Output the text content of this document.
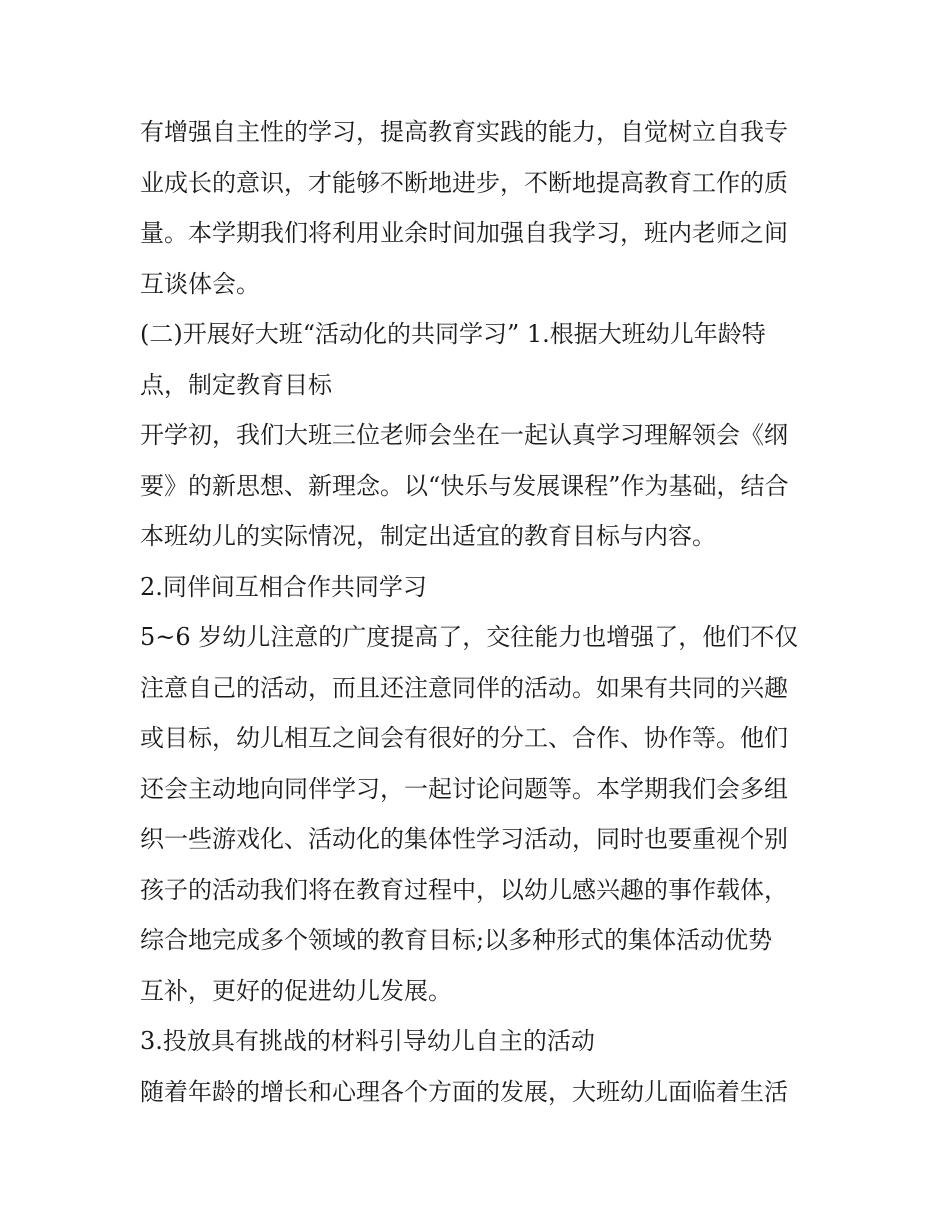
有增强自主性的学习，提高教育实践的能力，自觉树立自我专
业成长的意识，才能够不断地进步，不断地提高教育工作的质
量。本学期我们将利用业余时间加强自我学习，班内老师之间
互谈体会。
(二)开展好大班“活动化的共同学习” 1.根据大班幼儿年龄特
点，制定教育目标
开学初，我们大班三位老师会坐在一起认真学习理解领会《纲
要》的新思想、新理念。以“快乐与发展课程”作为基础，结合
本班幼儿的实际情况，制定出适宜的教育目标与内容。
2.同伴间互相合作共同学习
5~6 岁幼儿注意的广度提高了，交往能力也增强了，他们不仅
注意自己的活动，而且还注意同伴的活动。如果有共同的兴趣
或目标，幼儿相互之间会有很好的分工、合作、协作等。他们
还会主动地向同伴学习，一起讨论问题等。本学期我们会多组
织一些游戏化、活动化的集体性学习活动，同时也要重视个别
孩子的活动我们将在教育过程中，以幼儿感兴趣的事作载体，
综合地完成多个领域的教育目标;以多种形式的集体活动优势
互补，更好的促进幼儿发展。
3.投放具有挑战的材料引导幼儿自主的活动
随着年龄的增长和心理各个方面的发展，大班幼儿面临着生活
